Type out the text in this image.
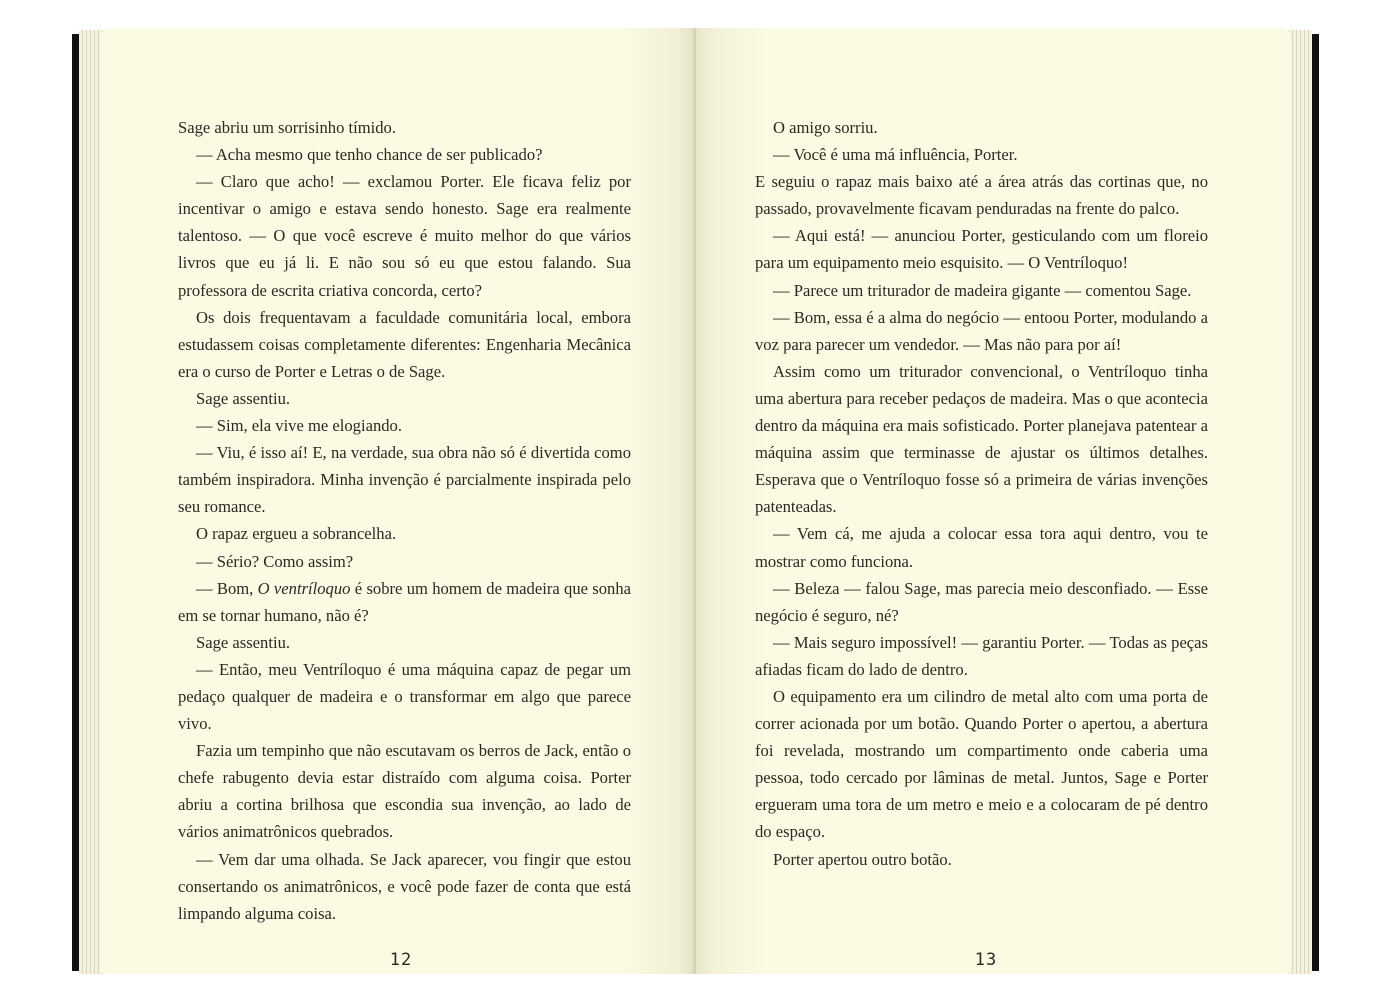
Sage abriu um sorrisinho tímido.

— Acha mesmo que tenho chance de ser publicado?

— Claro que acho! — exclamou Porter. Ele ficava feliz por incentivar o amigo e estava sendo honesto. Sage era realmente talentoso. — O que você escreve é muito melhor do que vários livros que eu já li. E não sou só eu que estou falando. Sua professora de escrita criativa concorda, certo?

Os dois frequentavam a faculdade comunitária local, embora estudassem coisas completamente diferentes: Engenharia Mecânica era o curso de Porter e Letras o de Sage.

Sage assentiu.

— Sim, ela vive me elogiando.

— Viu, é isso aí! E, na verdade, sua obra não só é divertida como também inspiradora. Minha invenção é parcialmente inspirada pelo seu romance.

O rapaz ergueu a sobrancelha.

— Sério? Como assim?

— Bom, O ventríloquo é sobre um homem de madeira que sonha em se tornar humano, não é?

Sage assentiu.

— Então, meu Ventríloquo é uma máquina capaz de pegar um pedaço qualquer de madeira e o transformar em algo que parece vivo.

Fazia um tempinho que não escutavam os berros de Jack, então o chefe rabugento devia estar distraído com alguma coisa. Porter abriu a cortina brilhosa que escondia sua invenção, ao lado de vários animatrônicos quebrados.

— Vem dar uma olhada. Se Jack aparecer, vou fingir que estou consertando os animatrônicos, e você pode fazer de conta que está limpando alguma coisa.

12

O amigo sorriu.

— Você é uma má influência, Porter.

E seguiu o rapaz mais baixo até a área atrás das cortinas que, no passado, provavelmente ficavam penduradas na frente do palco.

— Aqui está! — anunciou Porter, gesticulando com um floreio para um equipamento meio esquisito. — O Ventríloquo!

— Parece um triturador de madeira gigante — comentou Sage.

— Bom, essa é a alma do negócio — entoou Porter, modulando a voz para parecer um vendedor. — Mas não para por aí!

Assim como um triturador convencional, o Ventríloquo tinha uma abertura para receber pedaços de madeira. Mas o que acontecia dentro da máquina era mais sofisticado. Porter planejava patentear a máquina assim que terminasse de ajustar os últimos detalhes. Esperava que o Ventríloquo fosse só a primeira de várias invenções patenteadas.

— Vem cá, me ajuda a colocar essa tora aqui dentro, vou te mostrar como funciona.

— Beleza — falou Sage, mas parecia meio desconfiado. — Esse negócio é seguro, né?

— Mais seguro impossível! — garantiu Porter. — Todas as peças afiadas ficam do lado de dentro.

O equipamento era um cilindro de metal alto com uma porta de correr acionada por um botão. Quando Porter o apertou, a abertura foi revelada, mostrando um compartimento onde caberia uma pessoa, todo cercado por lâminas de metal. Juntos, Sage e Porter ergueram uma tora de um metro e meio e a colocaram de pé dentro do espaço.

Porter apertou outro botão.

13
